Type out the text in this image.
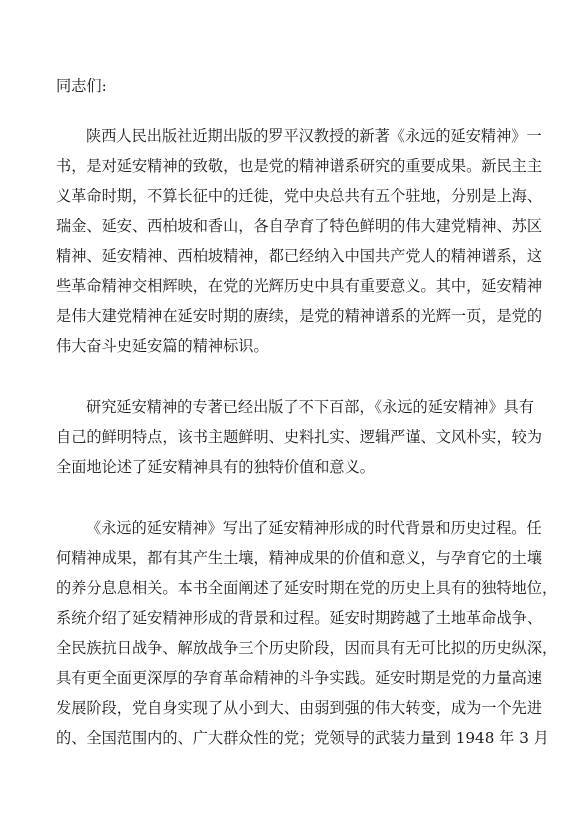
同志们:
陕西人民出版社近期出版的罗平汉教授的新著《永远的延安精神》一
书，是对延安精神的致敬，也是党的精神谱系研究的重要成果。新民主主
义革命时期，不算长征中的迁徙，党中央总共有五个驻地，分别是上海、
瑞金、延安、西柏坡和香山，各自孕育了特色鲜明的伟大建党精神、苏区
精神、延安精神、西柏坡精神，都已经纳入中国共产党人的精神谱系，这
些革命精神交相辉映，在党的光辉历史中具有重要意义。其中，延安精神
是伟大建党精神在延安时期的赓续，是党的精神谱系的光辉一页，是党的
伟大奋斗史延安篇的精神标识。
研究延安精神的专著已经出版了不下百部，《永远的延安精神》具有
自己的鲜明特点，该书主题鲜明、史料扎实、逻辑严谨、文风朴实，较为
全面地论述了延安精神具有的独特价值和意义。
《永远的延安精神》写出了延安精神形成的时代背景和历史过程。任
何精神成果，都有其产生土壤，精神成果的价值和意义，与孕育它的土壤
的养分息息相关。本书全面阐述了延安时期在党的历史上具有的独特地位，
系统介绍了延安精神形成的背景和过程。延安时期跨越了土地革命战争、
全民族抗日战争、解放战争三个历史阶段，因而具有无可比拟的历史纵深，
具有更全面更深厚的孕育革命精神的斗争实践。延安时期是党的力量高速
发展阶段，党自身实现了从小到大、由弱到强的伟大转变，成为一个先进
的、全国范围内的、广大群众性的党；党领导的武装力量到 1948 年 3 月
